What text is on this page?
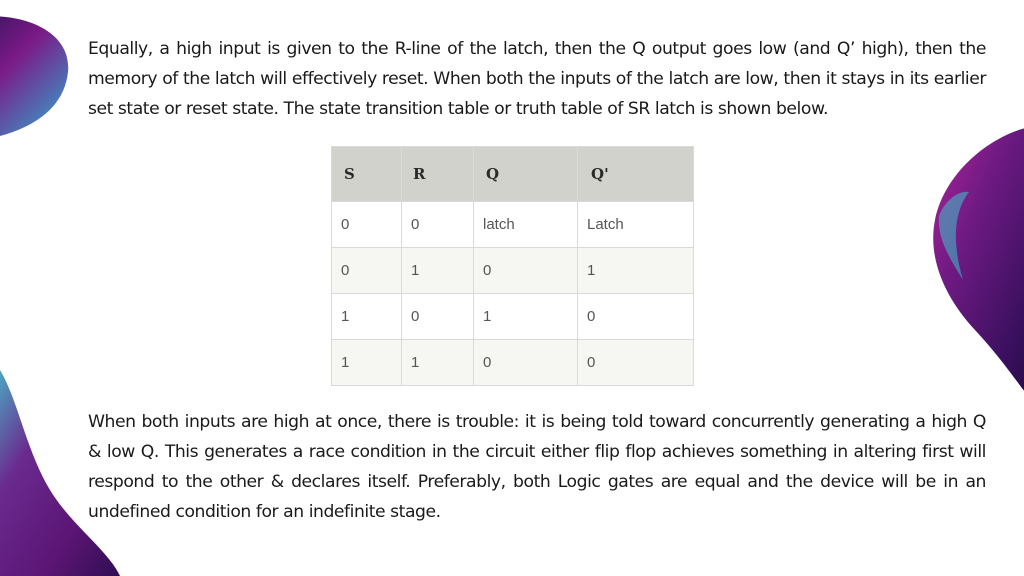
Equally, a high input is given to the R-line of the latch, then the Q output goes low (and Q’ high), then the memory of the latch will effectively reset. When both the inputs of the latch are low, then it stays in its earlier set state or reset state. The state transition table or truth table of SR latch is shown below.

S	R	Q	Q'
0	0	latch	Latch
0	1	0	1
1	0	1	0
1	1	0	0

When both inputs are high at once, there is trouble: it is being told toward concurrently generating a high Q & low Q. This generates a race condition in the circuit either flip flop achieves something in altering first will respond to the other & declares itself. Preferably, both Logic gates are equal and the device will be in an undefined condition for an indefinite stage.
